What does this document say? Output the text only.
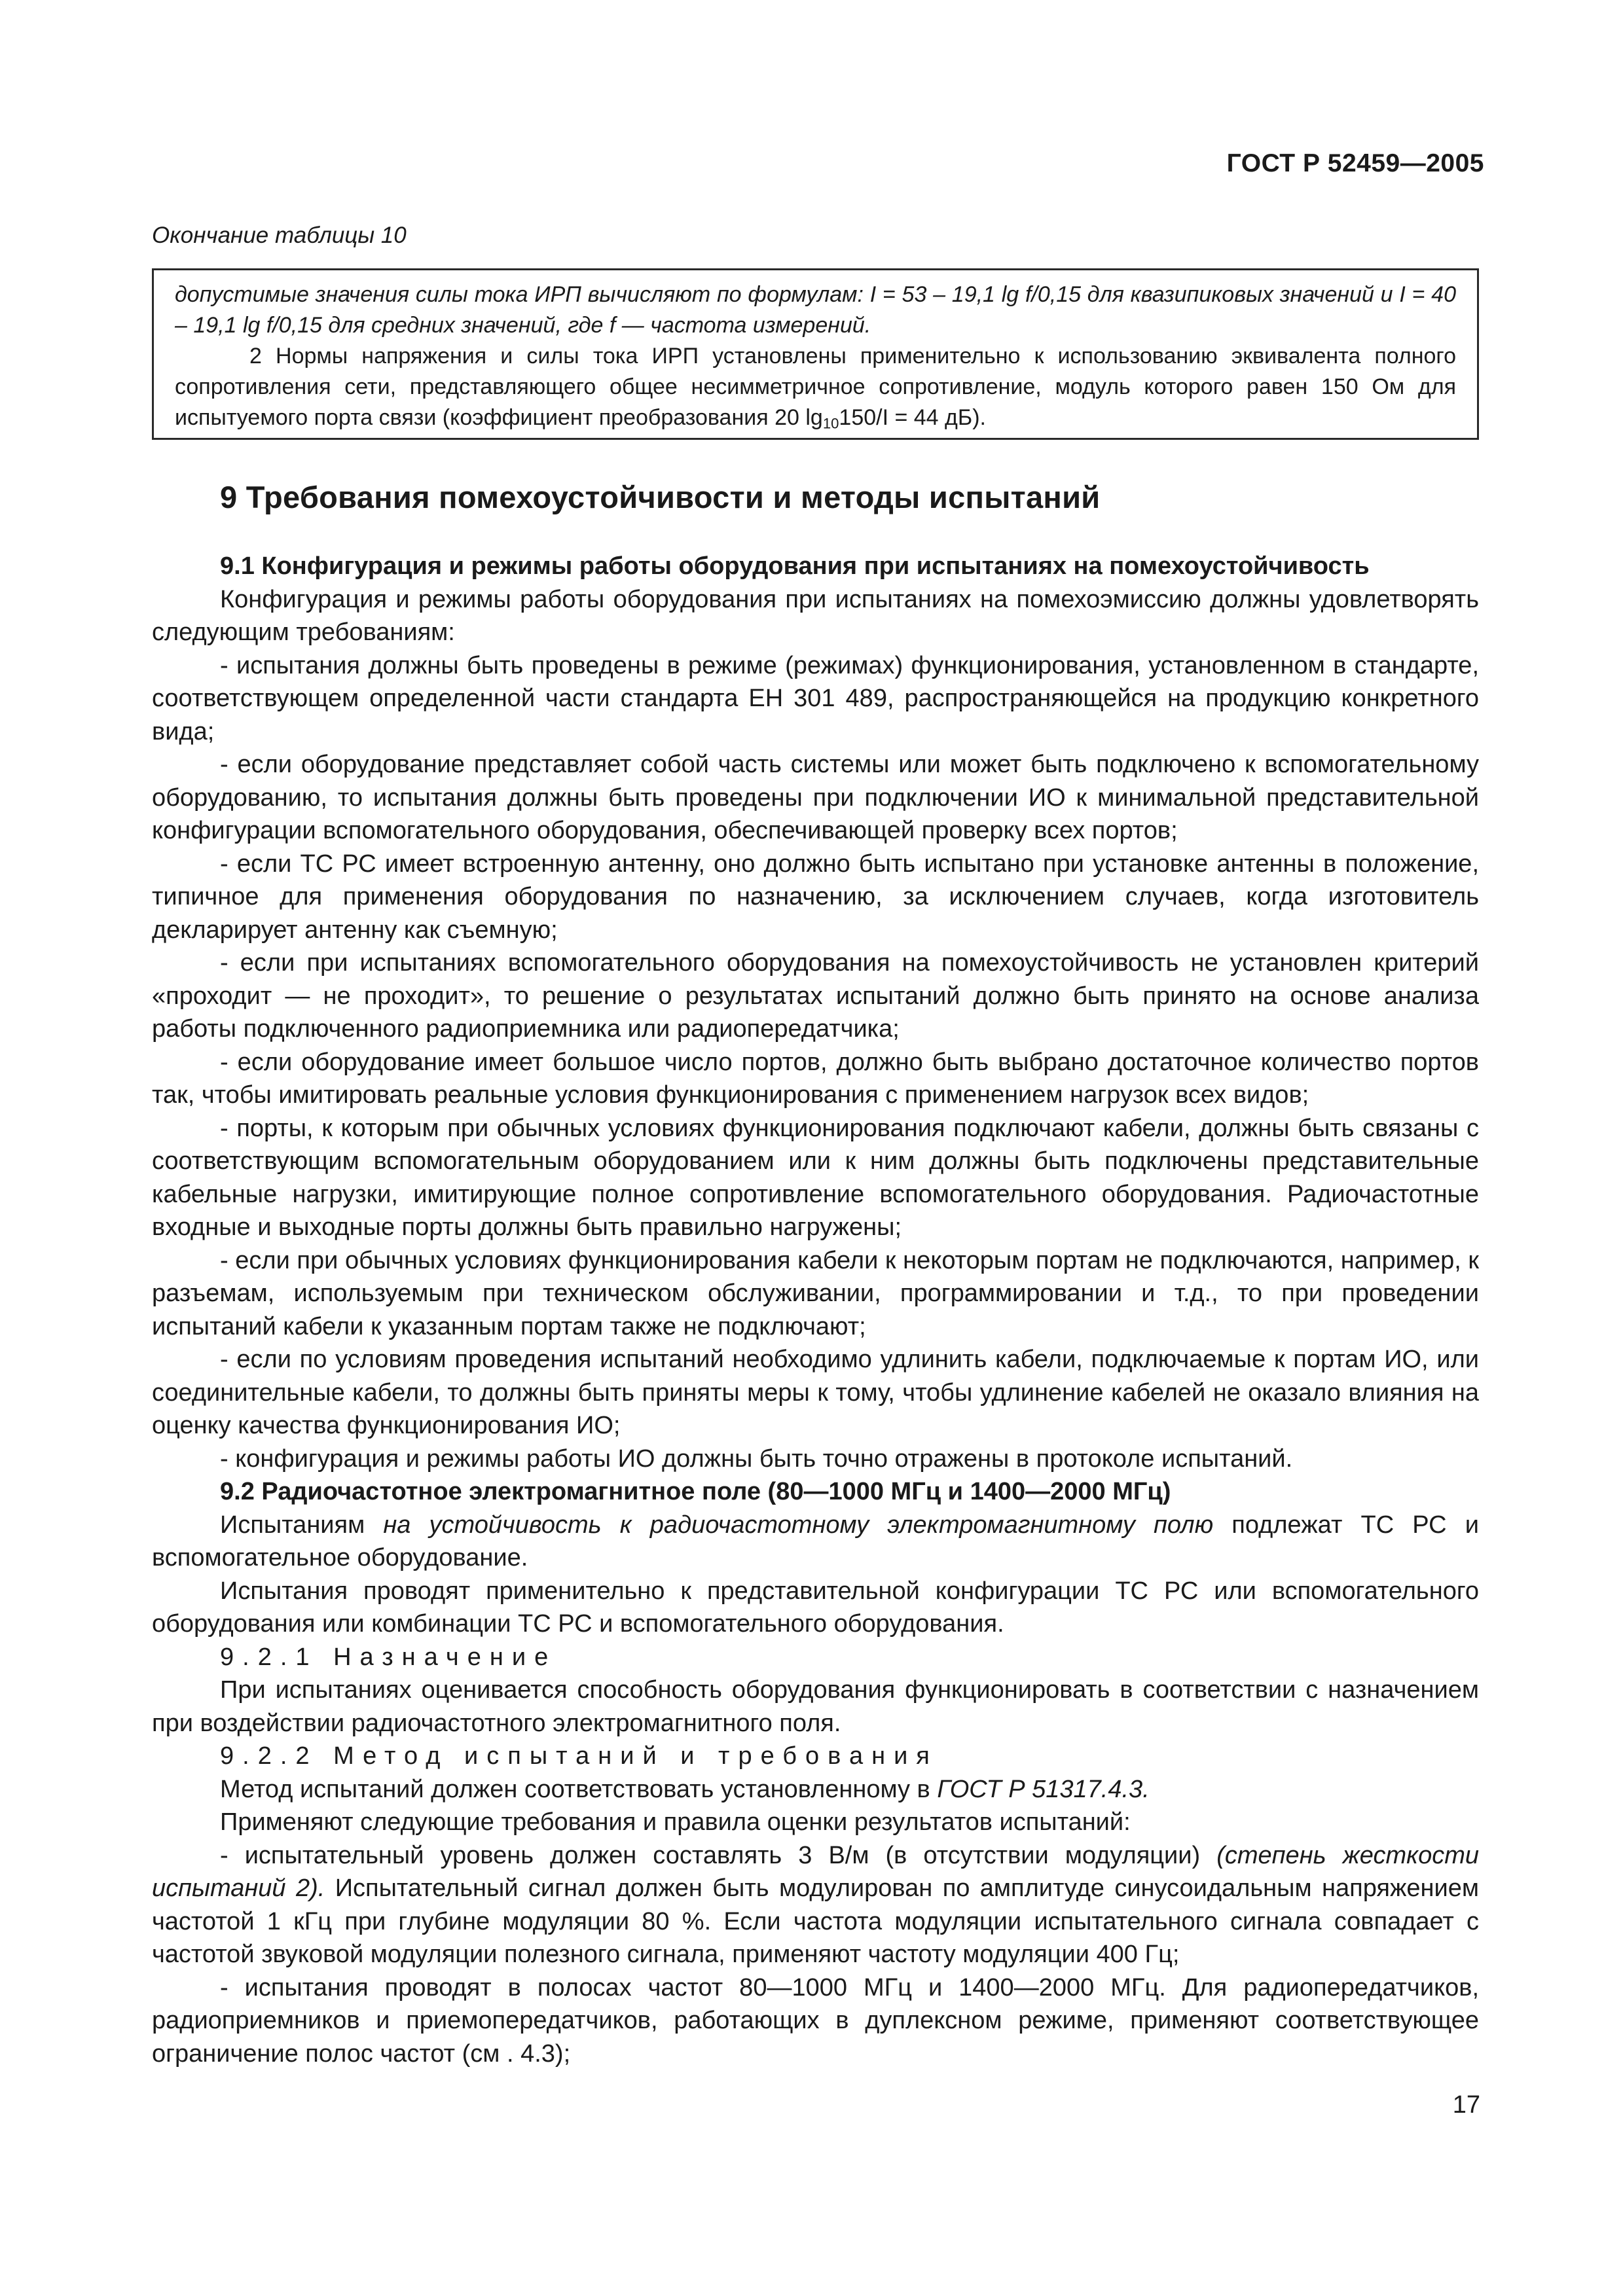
ГОСТ Р 52459—2005
Окончание таблицы 10
допустимые значения силы тока ИРП вычисляют по формулам: I = 53 – 19,1 lg f/0,15 для квазипиковых значений и I = 40 – 19,1 lg f/0,15 для средних значений, где f — частота измерений.
2 Нормы напряжения и силы тока ИРП установлены применительно к использованию эквивалента полного сопротивления сети, представляющего общее несимметричное сопротивление, модуль которого равен 150 Ом для испытуемого порта связи (коэффициент преобразования 20 $\lg_{10}150/I = 44$ дБ).
9 Требования помехоустойчивости и методы испытаний

9.1 Конфигурация и режимы работы оборудования при испытаниях на помехоустойчивость

Конфигурация и режимы работы оборудования при испытаниях на помехоэмиссию должны удовлетворять следующим требованиям:

- испытания должны быть проведены в режиме (режимах) функционирования, установленном в стандарте, соответствующем определенной части стандарта ЕН 301 489, распространяющейся на продукцию конкретного вида;

- если оборудование представляет собой часть системы или может быть подключено к вспомогательному оборудованию, то испытания должны быть проведены при подключении ИО к минимальной представительной конфигурации вспомогательного оборудования, обеспечивающей проверку всех портов;

- если ТС РС имеет встроенную антенну, оно должно быть испытано при установке антенны в положение, типичное для применения оборудования по назначению, за исключением случаев, когда изготовитель декларирует антенну как съемную;

- если при испытаниях вспомогательного оборудования на помехоустойчивость не установлен критерий «проходит — не проходит», то решение о результатах испытаний должно быть принято на основе анализа работы подключенного радиоприемника или радиопередатчика;

- если оборудование имеет большое число портов, должно быть выбрано достаточное количество портов так, чтобы имитировать реальные условия функционирования с применением нагрузок всех видов;

- порты, к которым при обычных условиях функционирования подключают кабели, должны быть связаны с соответствующим вспомогательным оборудованием или к ним должны быть подключены представительные кабельные нагрузки, имитирующие полное сопротивление вспомогательного оборудования. Радиочастотные входные и выходные порты должны быть правильно нагружены;

- если при обычных условиях функционирования кабели к некоторым портам не подключаются, например, к разъемам, используемым при техническом обслуживании, программировании и т.д., то при проведении испытаний кабели к указанным портам также не подключают;

- если по условиям проведения испытаний необходимо удлинить кабели, подключаемые к портам ИО, или соединительные кабели, то должны быть приняты меры к тому, чтобы удлинение кабелей не оказало влияния на оценку качества функционирования ИО;

- конфигурация и режимы работы ИО должны быть точно отражены в протоколе испытаний.

9.2 Радиочастотное электромагнитное поле (80—1000 МГц и 1400—2000 МГц)

Испытаниям на устойчивость к радиочастотному электромагнитному полю подлежат ТС РС и вспомогательное оборудование.

Испытания проводят применительно к представительной конфигурации ТС РС или вспомогательного оборудования или комбинации ТС РС и вспомогательного оборудования.

9.2.1 Назначение

При испытаниях оценивается способность оборудования функционировать в соответствии с назначением при воздействии радиочастотного электромагнитного поля.

9.2.2 Метод испытаний и требования

Метод испытаний должен соответствовать установленному в ГОСТ Р 51317.4.3.

Применяют следующие требования и правила оценки результатов испытаний:

- испытательный уровень должен составлять 3 В/м (в отсутствии модуляции) (степень жесткости испытаний 2). Испытательный сигнал должен быть модулирован по амплитуде синусоидальным напряжением частотой 1 кГц при глубине модуляции 80 %. Если частота модуляции испытательного сигнала совпадает с частотой звуковой модуляции полезного сигнала, применяют частоту модуляции 400 Гц;

- испытания проводят в полосах частот 80—1000 МГц и 1400—2000 МГц. Для радиопередатчиков, радиоприемников и приемопередатчиков, работающих в дуплексном режиме, применяют соответствующее ограничение полос частот (см . 4.3);

17
